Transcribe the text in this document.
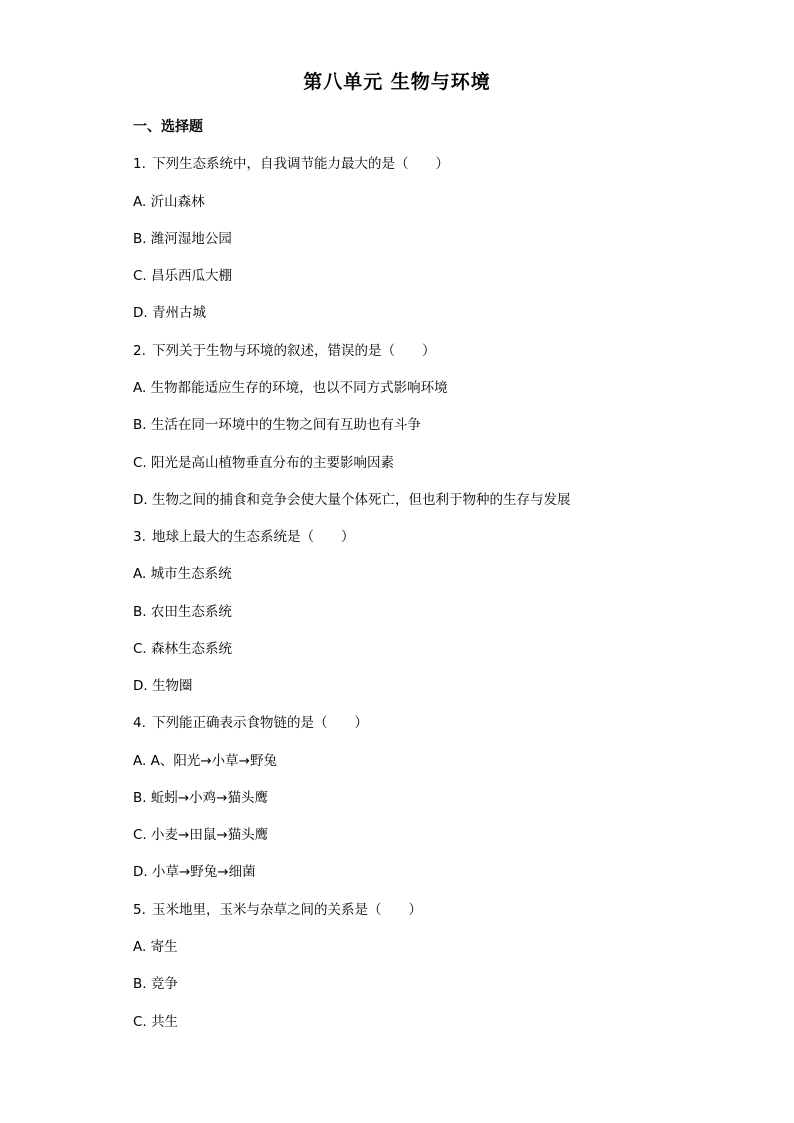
第八单元 生物与环境
一、选择题
1. 下列生态系统中，自我调节能力最大的是（　　）
A. 沂山森林
B. 潍河湿地公园
C. 昌乐西瓜大棚
D. 青州古城
2. 下列关于生物与环境的叙述，错误的是（　　）
A. 生物都能适应生存的环境，也以不同方式影响环境
B. 生活在同一环境中的生物之间有互助也有斗争
C. 阳光是高山植物垂直分布的主要影响因素
D. 生物之间的捕食和竞争会使大量个体死亡，但也利于物种的生存与发展
3. 地球上最大的生态系统是（　　）
A. 城市生态系统
B. 农田生态系统
C. 森林生态系统
D. 生物圈
4. 下列能正确表示食物链的是（　　）
A. A、阳光→小草→野兔
B. 蚯蚓→小鸡→猫头鹰
C. 小麦→田鼠→猫头鹰
D. 小草→野兔→细菌
5. 玉米地里，玉米与杂草之间的关系是（　　）
A. 寄生
B. 竞争
C. 共生
